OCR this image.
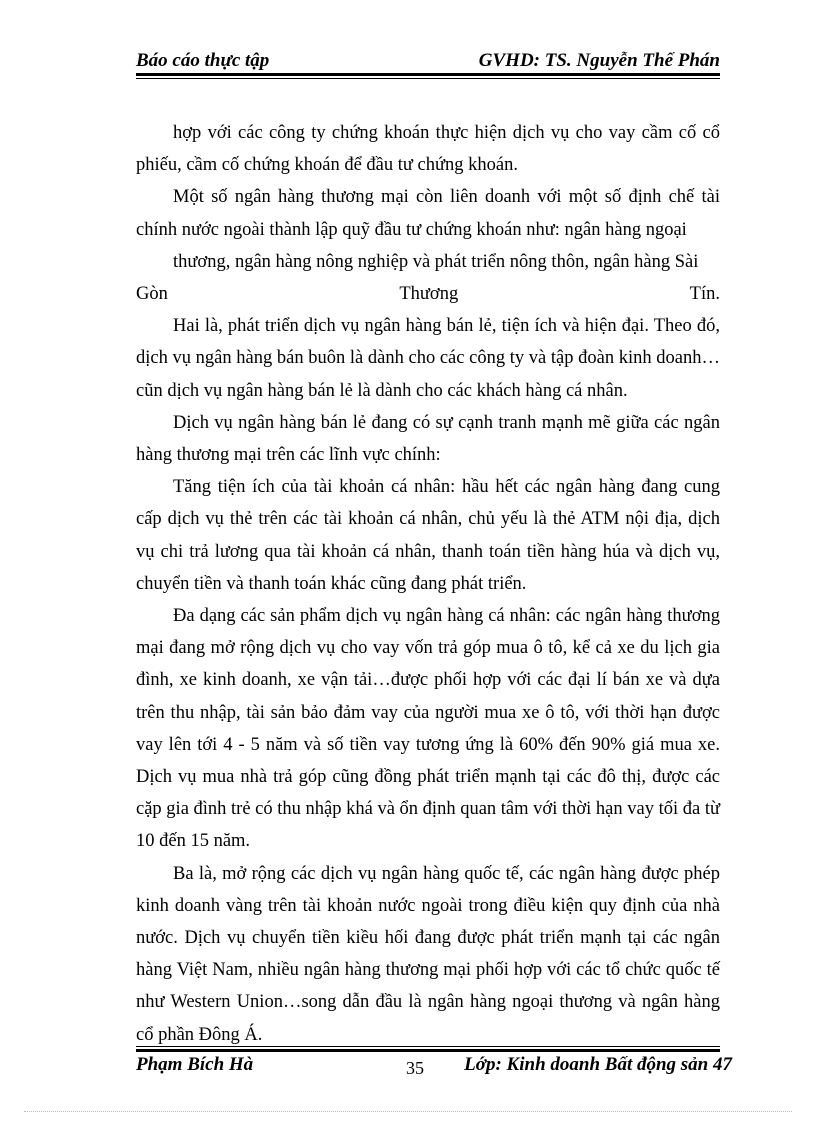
Báo cáo thực tập	GVHD: TS. Nguyễn Thế Phán

hợp với các công ty chứng khoán thực hiện dịch vụ cho vay cầm cố cổ phiếu, cầm cố chứng khoán để đầu tư chứng khoán.

Một số ngân hàng thương mại còn liên doanh với một số định chế tài chính nước ngoài thành lập quỹ đầu tư chứng khoán như: ngân hàng ngoại

thương, ngân hàng nông nghiệp và phát triển nông thôn, ngân hàng Sài

Gòn Thương Tín.

Hai là, phát triển dịch vụ ngân hàng bán lẻ, tiện ích và hiện đại. Theo đó, dịch vụ ngân hàng bán buôn là dành cho các công ty và tập đoàn kinh doanh…cũn dịch vụ ngân hàng bán lẻ là dành cho các khách hàng cá nhân.

Dịch vụ ngân hàng bán lẻ đang có sự cạnh tranh mạnh mẽ giữa các ngân hàng thương mại trên các lĩnh vực chính:

Tăng tiện ích của tài khoản cá nhân: hầu hết các ngân hàng đang cung cấp dịch vụ thẻ trên các tài khoản cá nhân, chủ yếu là thẻ ATM nội địa, dịch vụ chi trả lương qua tài khoản cá nhân, thanh toán tiền hàng húa và dịch vụ, chuyển tiền và thanh toán khác cũng đang phát triển.

Đa dạng các sản phẩm dịch vụ ngân hàng cá nhân: các ngân hàng thương mại đang mở rộng dịch vụ cho vay vốn trả góp mua ô tô, kể cả xe du lịch gia đình, xe kinh doanh, xe vận tải…được phối hợp với các đại lí bán xe và dựa trên thu nhập, tài sản bảo đảm vay của người mua xe ô tô, với thời hạn được vay lên tới 4 - 5 năm và số tiền vay tương ứng là 60% đến 90% giá mua xe. Dịch vụ mua nhà trả góp cũng đồng phát triển mạnh tại các đô thị, được các cặp gia đình trẻ có thu nhập khá và ổn định quan tâm với thời hạn vay tối đa từ 10 đến 15 năm.

Ba là, mở rộng các dịch vụ ngân hàng quốc tế, các ngân hàng được phép kinh doanh vàng trên tài khoản nước ngoài trong điều kiện quy định của nhà nước. Dịch vụ chuyển tiền kiều hối đang được phát triển mạnh tại các ngân hàng Việt Nam, nhiều ngân hàng thương mại phối hợp với các tổ chức quốc tế như Western Union…song dẫn đầu là ngân hàng ngoại thương và ngân hàng cổ phần Đông Á.

Phạm Bích Hà	35 Lớp: Kinh doanh Bất động sản 47
